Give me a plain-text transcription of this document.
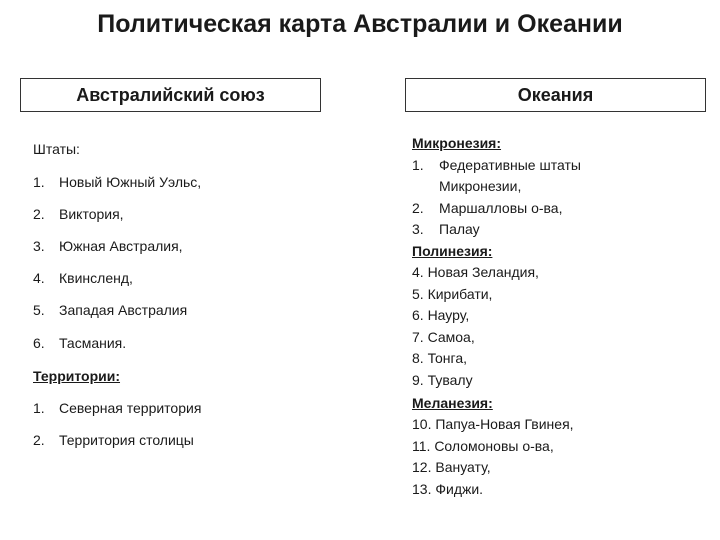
Политическая карта Австралии и Океании
Австралийский союз	Океания
Штаты:
1. Новый Южный Уэльс,
2. Виктория,
3. Южная Австралия,
4. Квинсленд,
5. Западая Австралия
6. Тасмания.
Территории:
1. Северная территория
2. Территория столицы
Микронезия:
1. Федеративные штаты
Микронезии,
2. Маршалловы о-ва,
3. Палау
Полинезия:
4. Новая Зеландия,
5. Кирибати,
6. Науру,
7. Самоа,
8. Тонга,
9. Тувалу
Меланезия:
10. Папуа-Новая Гвинея,
11. Соломоновы о-ва,
12. Вануату,
13. Фиджи.
